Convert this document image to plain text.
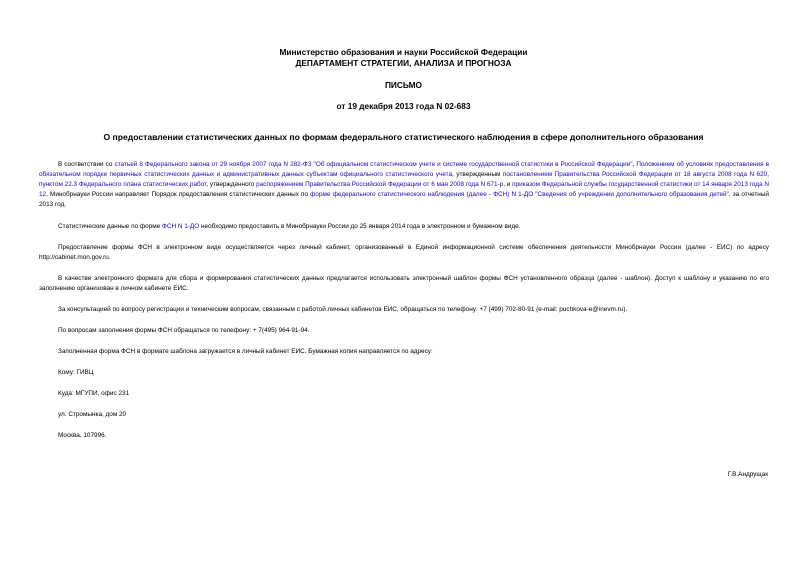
Министерство образования и науки Российской Федерации
ДЕПАРТАМЕНТ СТРАТЕГИИ, АНАЛИЗА И ПРОГНОЗА
ПИСЬМО
от 19 декабря 2013 года N 02-683
О предоставлении статистических данных по формам федерального статистического наблюдения в сфере дополнительного образования
В соответствии со статьей 8 Федерального закона от 29 ноября 2007 года N 282-ФЗ "Об официальном статистическом учете и системе государственной статистики в Российской Федерации", Положением об условиях предоставления в обязательном порядке первичных статистических данных и административных данных субъектам официального статистического учета, утвержденным постановлением Правительства Российской Федерации от 18 августа 2008 года N 620, пунктом 22.3 Федерального плана статистических работ, утвержденного распоряжением Правительства Российской Федерации от 6 мая 2008 года N 671-р, и приказом Федеральной службы государственной статистики от 14 января 2013 года N 12, Минобрнауки России направляет Порядок предоставления статистических данных по форме федерального статистического наблюдения (далее - ФСН) N 1-ДО "Сведения об учреждении дополнительного образования детей", за отчетный 2013 год.
Статистические данные по форме ФСН N 1-ДО необходимо предоставить в Минобрнауки России до 25 января 2014 года в электронном и бумажном виде.
Предоставление формы ФСН в электронном виде осуществляется через личный кабинет, организованный в Единой информационной системе обеспечения деятельности Минобрнауки России (далее - ЕИС) по адресу http://cabinet.mon.gov.ru.
В качестве электронного формата для сбора и формирования статистических данных предлагается использовать электронный шаблон формы ФСН установленного образца (далее - шаблон). Доступ к шаблону и указанию по его заполнению организован в личном кабинете ЕИС.
За консультацией по вопросу регистрации и техническим вопросам, связанным с работой личных кабинетов ЕИС, обращаться по телефону: +7 (499) 702-80-91 (e-mail: puchkova-e@inevm.ru).
По вопросам заполнения формы ФСН обращаться по телефону: + 7(495) 964-91-94.
Заполненная форма ФСН в формате шаблона загружается в личный кабинет ЕИС. Бумажная копия направляется по адресу:
Кому: ГИВЦ
Куда: МГУПИ, офис 231
ул. Стромынка, дом 20
Москва, 107996.
Г.В.Андрущак
